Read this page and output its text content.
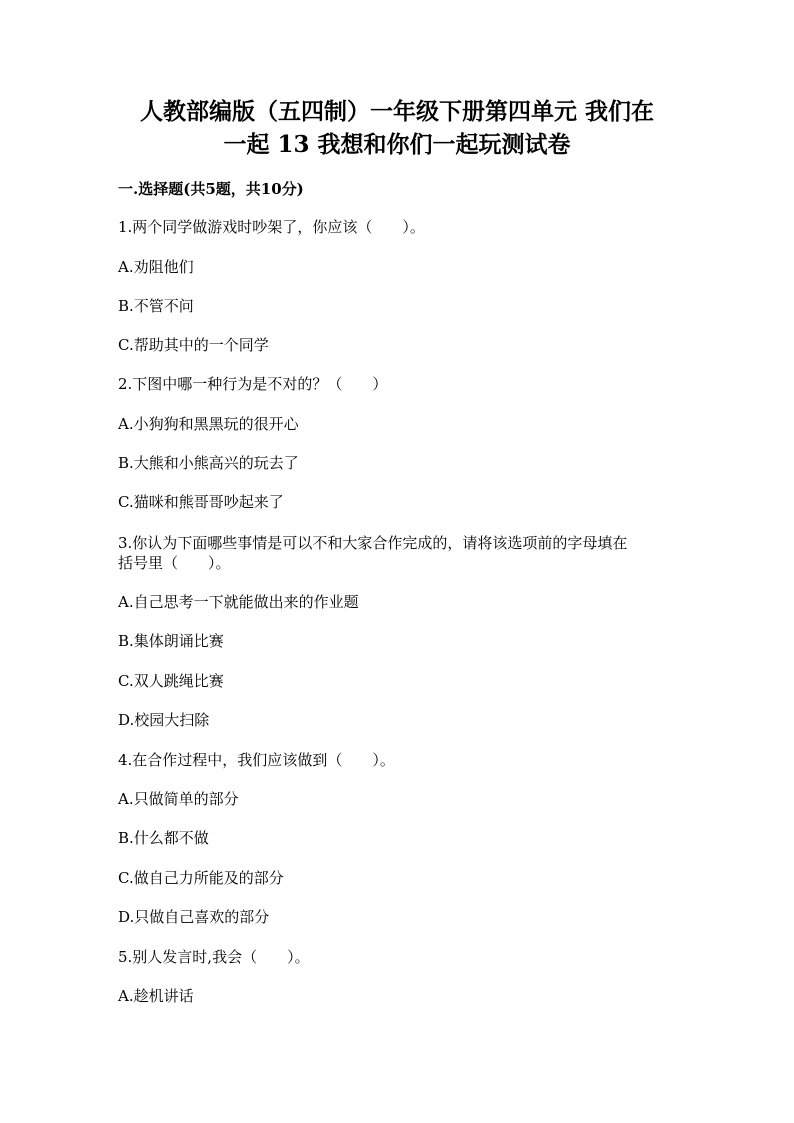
人教部编版（五四制）一年级下册第四单元 我们在
一起 13 我想和你们一起玩测试卷
一.选择题(共5题，共10分)
1.两个同学做游戏时吵架了，你应该（　　）。
A.劝阻他们
B.不管不问
C.帮助其中的一个同学
2.下图中哪一种行为是不对的？（　　）
A.小狗狗和黑黑玩的很开心
B.大熊和小熊高兴的玩去了
C.猫咪和熊哥哥吵起来了
3.你认为下面哪些事情是可以不和大家合作完成的，请将该选项前的字母填在
括号里（　　）。
A.自己思考一下就能做出来的作业题
B.集体朗诵比赛
C.双人跳绳比赛
D.校园大扫除
4.在合作过程中，我们应该做到（　　）。
A.只做简单的部分
B.什么都不做
C.做自己力所能及的部分
D.只做自己喜欢的部分
5.别人发言时,我会（　　）。
A.趁机讲话
